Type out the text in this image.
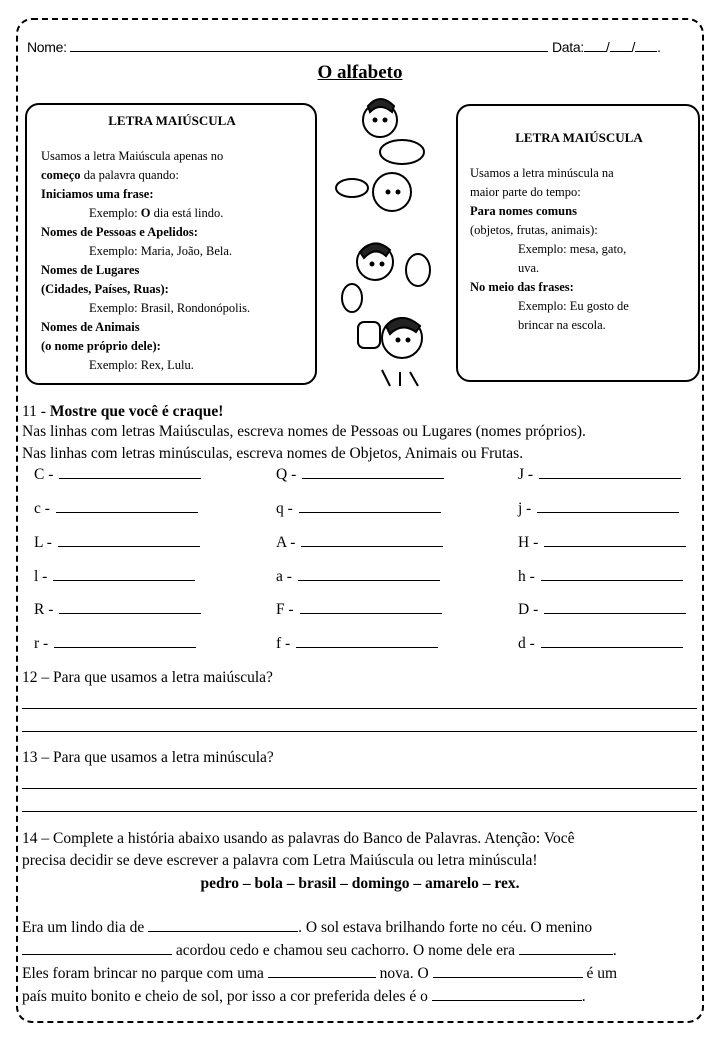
Nome:	Data: / / .
O alfabeto
LETRA MAIÚSCULA
Usamos a letra Maiúscula apenas no
começo da palavra quando:
Iniciamos uma frase:
Exemplo: O dia está lindo.
Nomes de Pessoas e Apelidos:
Exemplo: Maria, João, Bela.
Nomes de Lugares
(Cidades, Países, Ruas):
Exemplo: Brasil, Rondonópolis.
Nomes de Animais
(o nome próprio dele):
Exemplo: Rex, Lulu.
LETRA MAIÚSCULA
Usamos a letra minúscula na
maior parte do tempo:
Para nomes comuns
(objetos, frutas, animais):
Exemplo: mesa, gato,
uva.
No meio das frases:
Exemplo: Eu gosto de
brincar na escola.
11 - Mostre que você é craque!
Nas linhas com letras Maiúsculas, escreva nomes de Pessoas ou Lugares (nomes próprios).
Nas linhas com letras minúsculas, escreva nomes de Objetos, Animais ou Frutas.
C -	Q -	J -
c -	q -	j -
L -	A -	H -
l -	a -	h -
R -	F -	D -
r -	f -	d -
12 – Para que usamos a letra maiúscula?
13 – Para que usamos a letra minúscula?
14 – Complete a história abaixo usando as palavras do Banco de Palavras. Atenção: Você
precisa decidir se deve escrever a palavra com Letra Maiúscula ou letra minúscula!
pedro – bola – brasil – domingo – amarelo – rex.
Era um lindo dia de	. O sol estava brilhando forte no céu. O menino
acordou cedo e chamou seu cachorro. O nome dele era	.
Eles foram brincar no parque com uma	nova. O	é um
país muito bonito e cheio de sol, por isso a cor preferida deles é o	.
